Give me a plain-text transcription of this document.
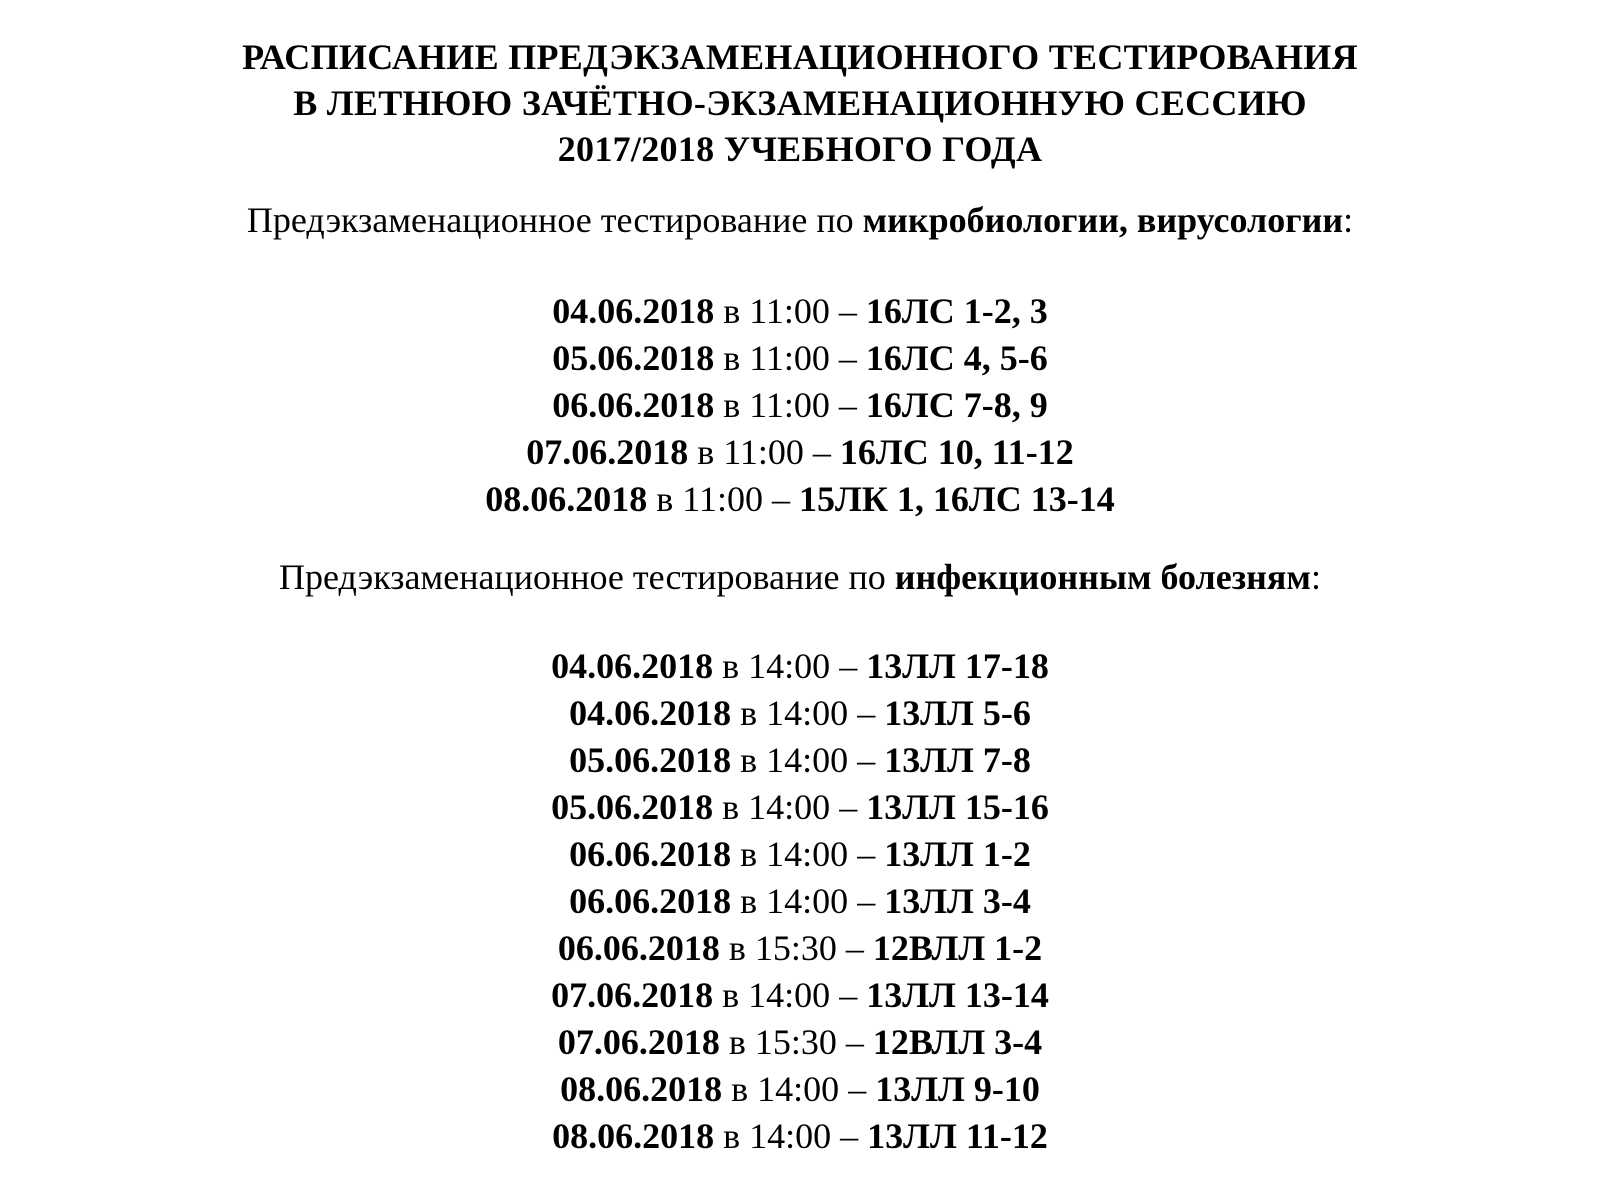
РАСПИСАНИЕ ПРЕДЭКЗАМЕНАЦИОННОГО ТЕСТИРОВАНИЯ
В ЛЕТНЮЮ ЗАЧЁТНО-ЭКЗАМЕНАЦИОННУЮ СЕССИЮ
2017/2018 УЧЕБНОГО ГОДА
Предэкзаменационное тестирование по микробиологии, вирусологии:
04.06.2018 в 11:00 – 16ЛС 1-2, 3
05.06.2018 в 11:00 – 16ЛС 4, 5-6
06.06.2018 в 11:00 – 16ЛС 7-8, 9
07.06.2018 в 11:00 – 16ЛС 10, 11-12
08.06.2018 в 11:00 – 15ЛК 1, 16ЛС 13-14
Предэкзаменационное тестирование по инфекционным болезням:
04.06.2018 в 14:00 – 13ЛЛ 17-18
04.06.2018 в 14:00 – 13ЛЛ 5-6
05.06.2018 в 14:00 – 13ЛЛ 7-8
05.06.2018 в 14:00 – 13ЛЛ 15-16
06.06.2018 в 14:00 – 13ЛЛ 1-2
06.06.2018 в 14:00 – 13ЛЛ 3-4
06.06.2018 в 15:30 – 12ВЛЛ 1-2
07.06.2018 в 14:00 – 13ЛЛ 13-14
07.06.2018 в 15:30 – 12ВЛЛ 3-4
08.06.2018 в 14:00 – 13ЛЛ 9-10
08.06.2018 в 14:00 – 13ЛЛ 11-12
